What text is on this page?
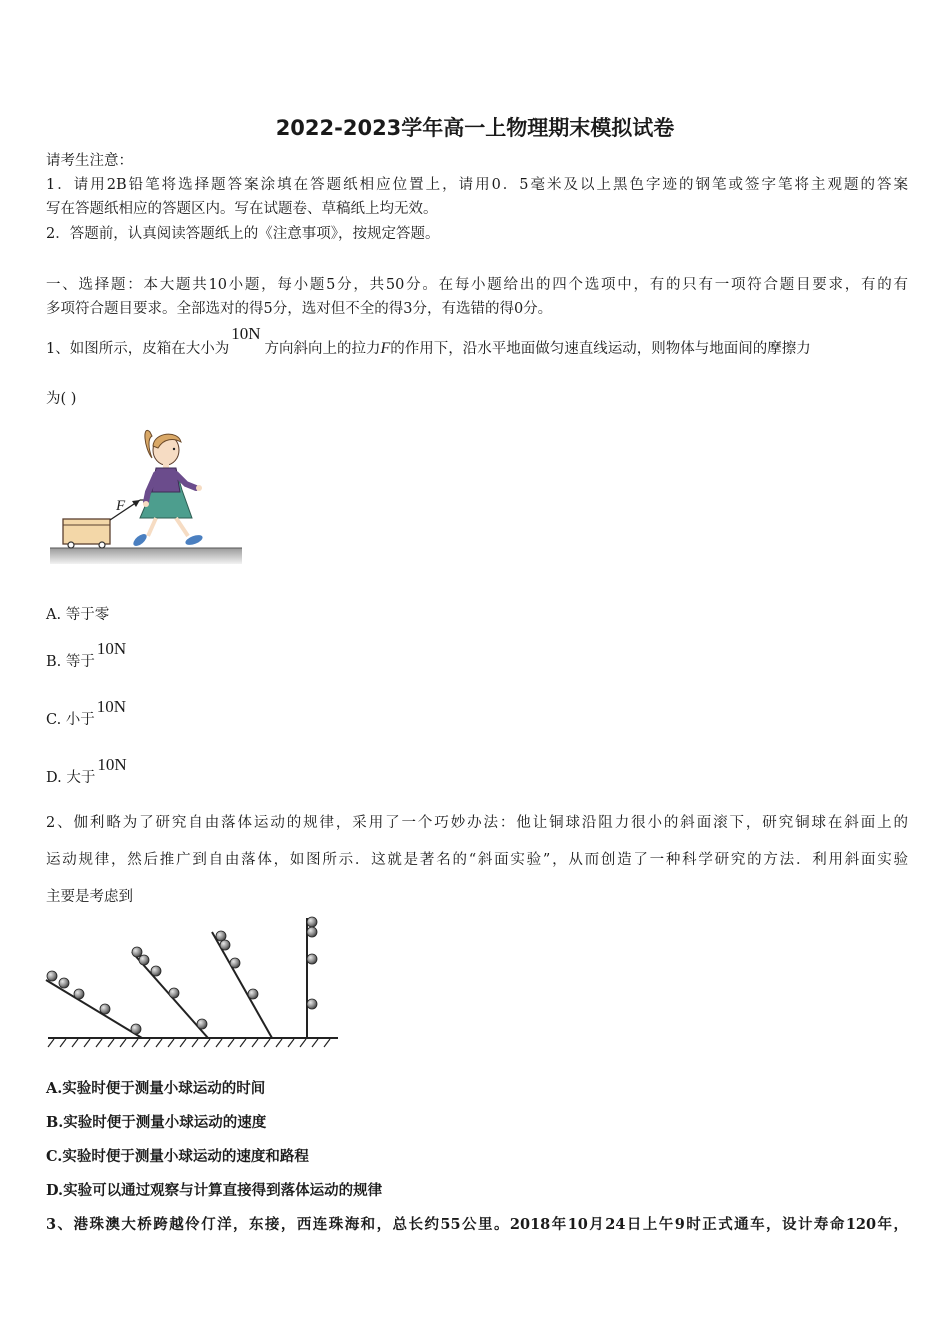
2022-2023学年高一上物理期末模拟试卷
请考生注意：
1．请用2B铅笔将选择题答案涂填在答题纸相应位置上，请用0．5毫米及以上黑色字迹的钢笔或签字笔将主观题的答案
写在答题纸相应的答题区内。写在试题卷、草稿纸上均无效。
2．答题前，认真阅读答题纸上的《注意事项》，按规定答题。
一、选择题：本大题共10小题，每小题5分，共50分。在每小题给出的四个选项中，有的只有一项符合题目要求，有的有
多项符合题目要求。全部选对的得5分，选对但不全的得3分，有选错的得0分。
1、如图所示，皮箱在大小为10N方向斜向上的拉力F的作用下，沿水平地面做匀速直线运动，则物体与地面间的摩擦力
为( )
F
A. 等于零
B. 等于10N
C. 小于10N
D. 大于10N
2、伽利略为了研究自由落体运动的规律，采用了一个巧妙办法：他让铜球沿阻力很小的斜面滚下，研究铜球在斜面上的
运动规律，然后推广到自由落体，如图所示．这就是著名的“斜面实验”，从而创造了一种科学研究的方法．利用斜面实验
主要是考虑到
A.实验时便于测量小球运动的时间
B.实验时便于测量小球运动的速度
C.实验时便于测量小球运动的速度和路程
D.实验可以通过观察与计算直接得到落体运动的规律
3、港珠澳大桥跨越伶仃洋，东接，西连珠海和，总长约55公里。2018年10月24日上午9时正式通车，设计寿命120年，
